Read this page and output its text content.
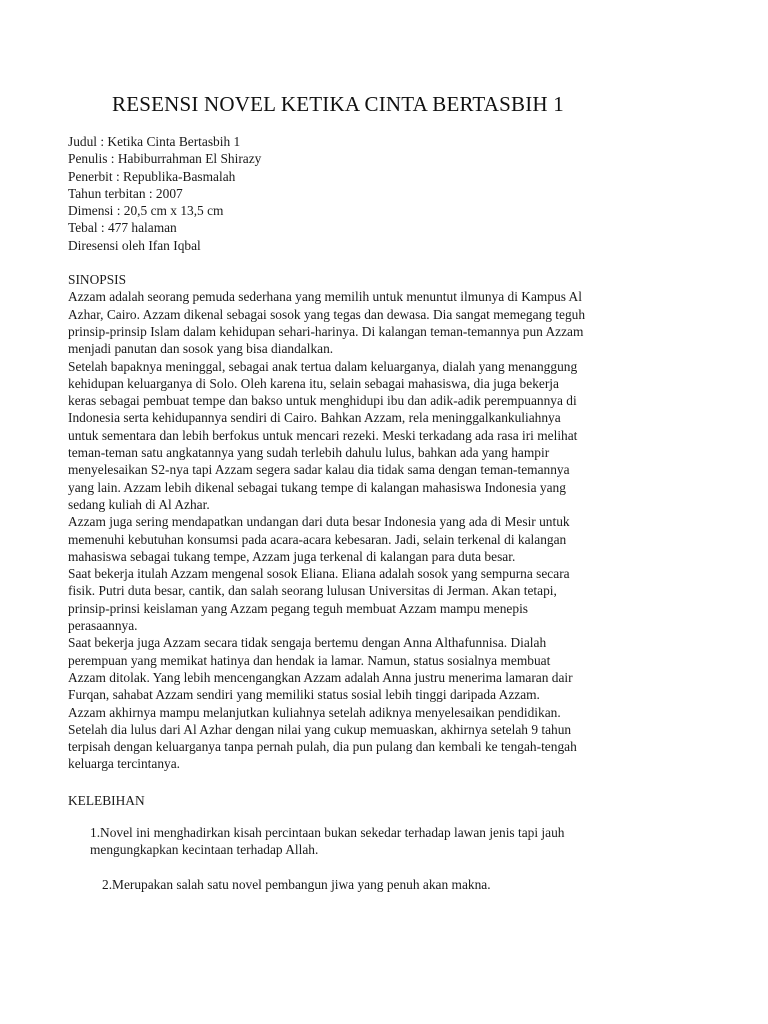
RESENSI NOVEL KETIKA CINTA BERTASBIH 1
Judul : Ketika Cinta Bertasbih 1
Penulis : Habiburrahman El Shirazy
Penerbit : Republika-Basmalah
Tahun terbitan : 2007
Dimensi : 20,5 cm x 13,5 cm
Tebal : 477 halaman
Diresensi oleh Ifan Iqbal
SINOPSIS
Azzam adalah seorang pemuda sederhana yang memilih untuk menuntut ilmunya di Kampus Al
Azhar, Cairo. Azzam dikenal sebagai sosok yang tegas dan dewasa. Dia sangat memegang teguh
prinsip-prinsip Islam dalam kehidupan sehari-harinya. Di kalangan teman-temannya pun Azzam
menjadi panutan dan sosok yang bisa diandalkan.
Setelah bapaknya meninggal, sebagai anak tertua dalam keluarganya, dialah yang menanggung
kehidupan keluarganya di Solo. Oleh karena itu, selain sebagai mahasiswa, dia juga bekerja
keras sebagai pembuat tempe dan bakso untuk menghidupi ibu dan adik-adik perempuannya di
Indonesia serta kehidupannya sendiri di Cairo. Bahkan Azzam, rela meninggalkankuliahnya
untuk sementara dan lebih berfokus untuk mencari rezeki. Meski terkadang ada rasa iri melihat
teman-teman satu angkatannya yang sudah terlebih dahulu lulus, bahkan ada yang hampir
menyelesaikan S2-nya tapi Azzam segera sadar kalau dia tidak sama dengan teman-temannya
yang lain. Azzam lebih dikenal sebagai tukang tempe di kalangan mahasiswa Indonesia yang
sedang kuliah di Al Azhar.
Azzam juga sering mendapatkan undangan dari duta besar Indonesia yang ada di Mesir untuk
memenuhi kebutuhan konsumsi pada acara-acara kebesaran. Jadi, selain terkenal di kalangan
mahasiswa sebagai tukang tempe, Azzam juga terkenal di kalangan para duta besar.
Saat bekerja itulah Azzam mengenal sosok Eliana. Eliana adalah sosok yang sempurna secara
fisik. Putri duta besar, cantik, dan salah seorang lulusan Universitas di Jerman. Akan tetapi,
prinsip-prinsi keislaman yang Azzam pegang teguh membuat Azzam mampu menepis
perasaannya.
Saat bekerja juga Azzam secara tidak sengaja bertemu dengan Anna Althafunnisa. Dialah
perempuan yang memikat hatinya dan hendak ia lamar. Namun, status sosialnya membuat
Azzam ditolak. Yang lebih mencengangkan Azzam adalah Anna justru menerima lamaran dair
Furqan, sahabat Azzam sendiri yang memiliki status sosial lebih tinggi daripada Azzam.
Azzam akhirnya mampu melanjutkan kuliahnya setelah adiknya menyelesaikan pendidikan.
Setelah dia lulus dari Al Azhar dengan nilai yang cukup memuaskan, akhirnya setelah 9 tahun
terpisah dengan keluarganya tanpa pernah pulah, dia pun pulang dan kembali ke tengah-tengah
keluarga tercintanya.
KELEBIHAN
1.Novel ini menghadirkan kisah percintaan bukan sekedar terhadap lawan jenis tapi jauh
mengungkapkan kecintaan terhadap Allah.
2.Merupakan salah satu novel pembangun jiwa yang penuh akan makna.
